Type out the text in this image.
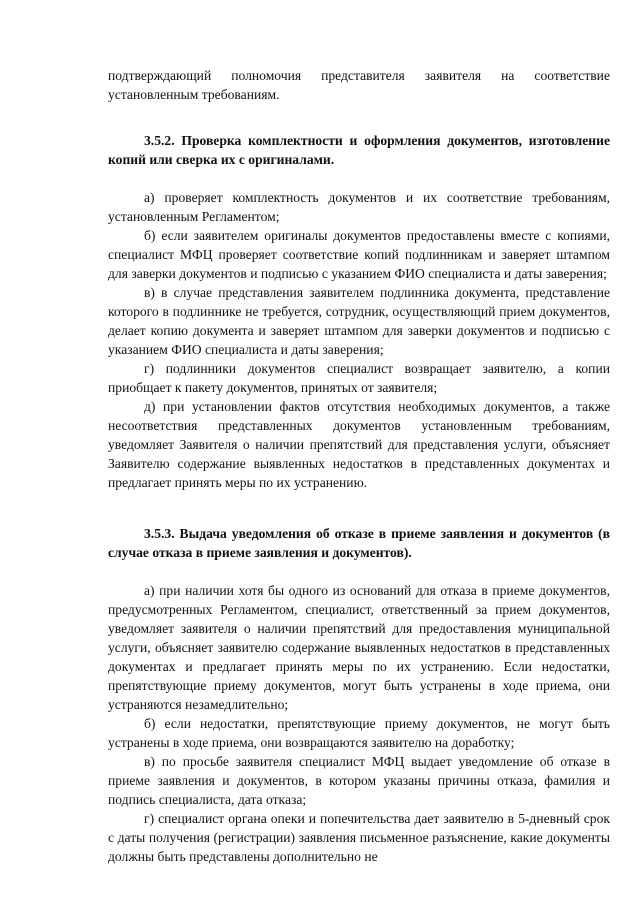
подтверждающий полномочия представителя заявителя на соответствие установленным требованиям.

3.5.2. Проверка комплектности и оформления документов, изготовление копий или сверка их с оригиналами.

а) проверяет комплектность документов и их соответствие требованиям, установленным Регламентом;

б) если заявителем оригиналы документов предоставлены вместе с копиями, специалист МФЦ проверяет соответствие копий подлинникам и заверяет штампом для заверки документов и подписью с указанием ФИО специалиста и даты заверения;

в) в случае представления заявителем подлинника документа, представление которого в подлиннике не требуется, сотрудник, осуществляющий прием документов, делает копию документа и заверяет штампом для заверки документов и подписью с указанием ФИО специалиста и даты заверения;

г) подлинники документов специалист возвращает заявителю, а копии приобщает к пакету документов, принятых от заявителя;

д) при установлении фактов отсутствия необходимых документов, а также несоответствия представленных документов установленным требованиям, уведомляет Заявителя о наличии препятствий для представления услуги, объясняет Заявителю содержание выявленных недостатков в представленных документах и предлагает принять меры по их устранению.

3.5.3. Выдача уведомления об отказе в приеме заявления и документов (в случае отказа в приеме заявления и документов).

а) при наличии хотя бы одного из оснований для отказа в приеме документов, предусмотренных Регламентом, специалист, ответственный за прием документов, уведомляет заявителя о наличии препятствий для предоставления муниципальной услуги, объясняет заявителю содержание выявленных недостатков в представленных документах и предлагает принять меры по их устранению. Если недостатки, препятствующие приему документов, могут быть устранены в ходе приема, они устраняются незамедлительно;

б) если недостатки, препятствующие приему документов, не могут быть устранены в ходе приема, они возвращаются заявителю на доработку;

в) по просьбе заявителя специалист МФЦ выдает уведомление об отказе в приеме заявления и документов, в котором указаны причины отказа, фамилия и подпись специалиста, дата отказа;

г) специалист органа опеки и попечительства дает заявителю в 5-дневный срок с даты получения (регистрации) заявления письменное разъяснение, какие документы должны быть представлены дополнительно не
